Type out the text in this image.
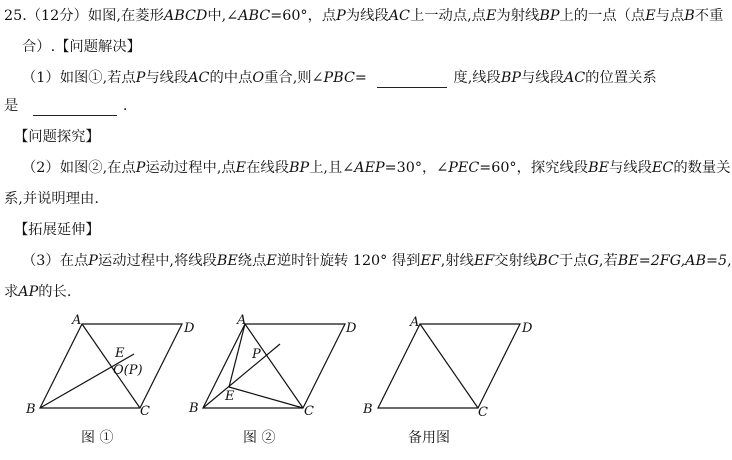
25.（12分）如图,在菱形ABCD中,∠ABC=60°，点P为线段AC上一动点,点E为射线BP上的一点（点E与点B不重
合）.【问题解决】
（1）如图①,若点P与线段AC的中点O重合,则∠PBC=	度,线段BP与线段AC的位置关系
是	.
【问题探究】
（2）如图②,在点P运动过程中,点E在线段BP上,且∠AEP=30°，∠PEC=60°，探究线段BE与线段EC的数量关
系,并说明理由.
【拓展延伸】
（3）在点P运动过程中,将线段BE绕点E逆时针旋转 120° 得到EF,射线EF交射线BC于点G,若BE=2FG,AB=5,
求AP的长.
A
D
B	C
E
O(P)
图 ①
A
D
B	C
P
E
图 ②
A	D
B	C
备用图
